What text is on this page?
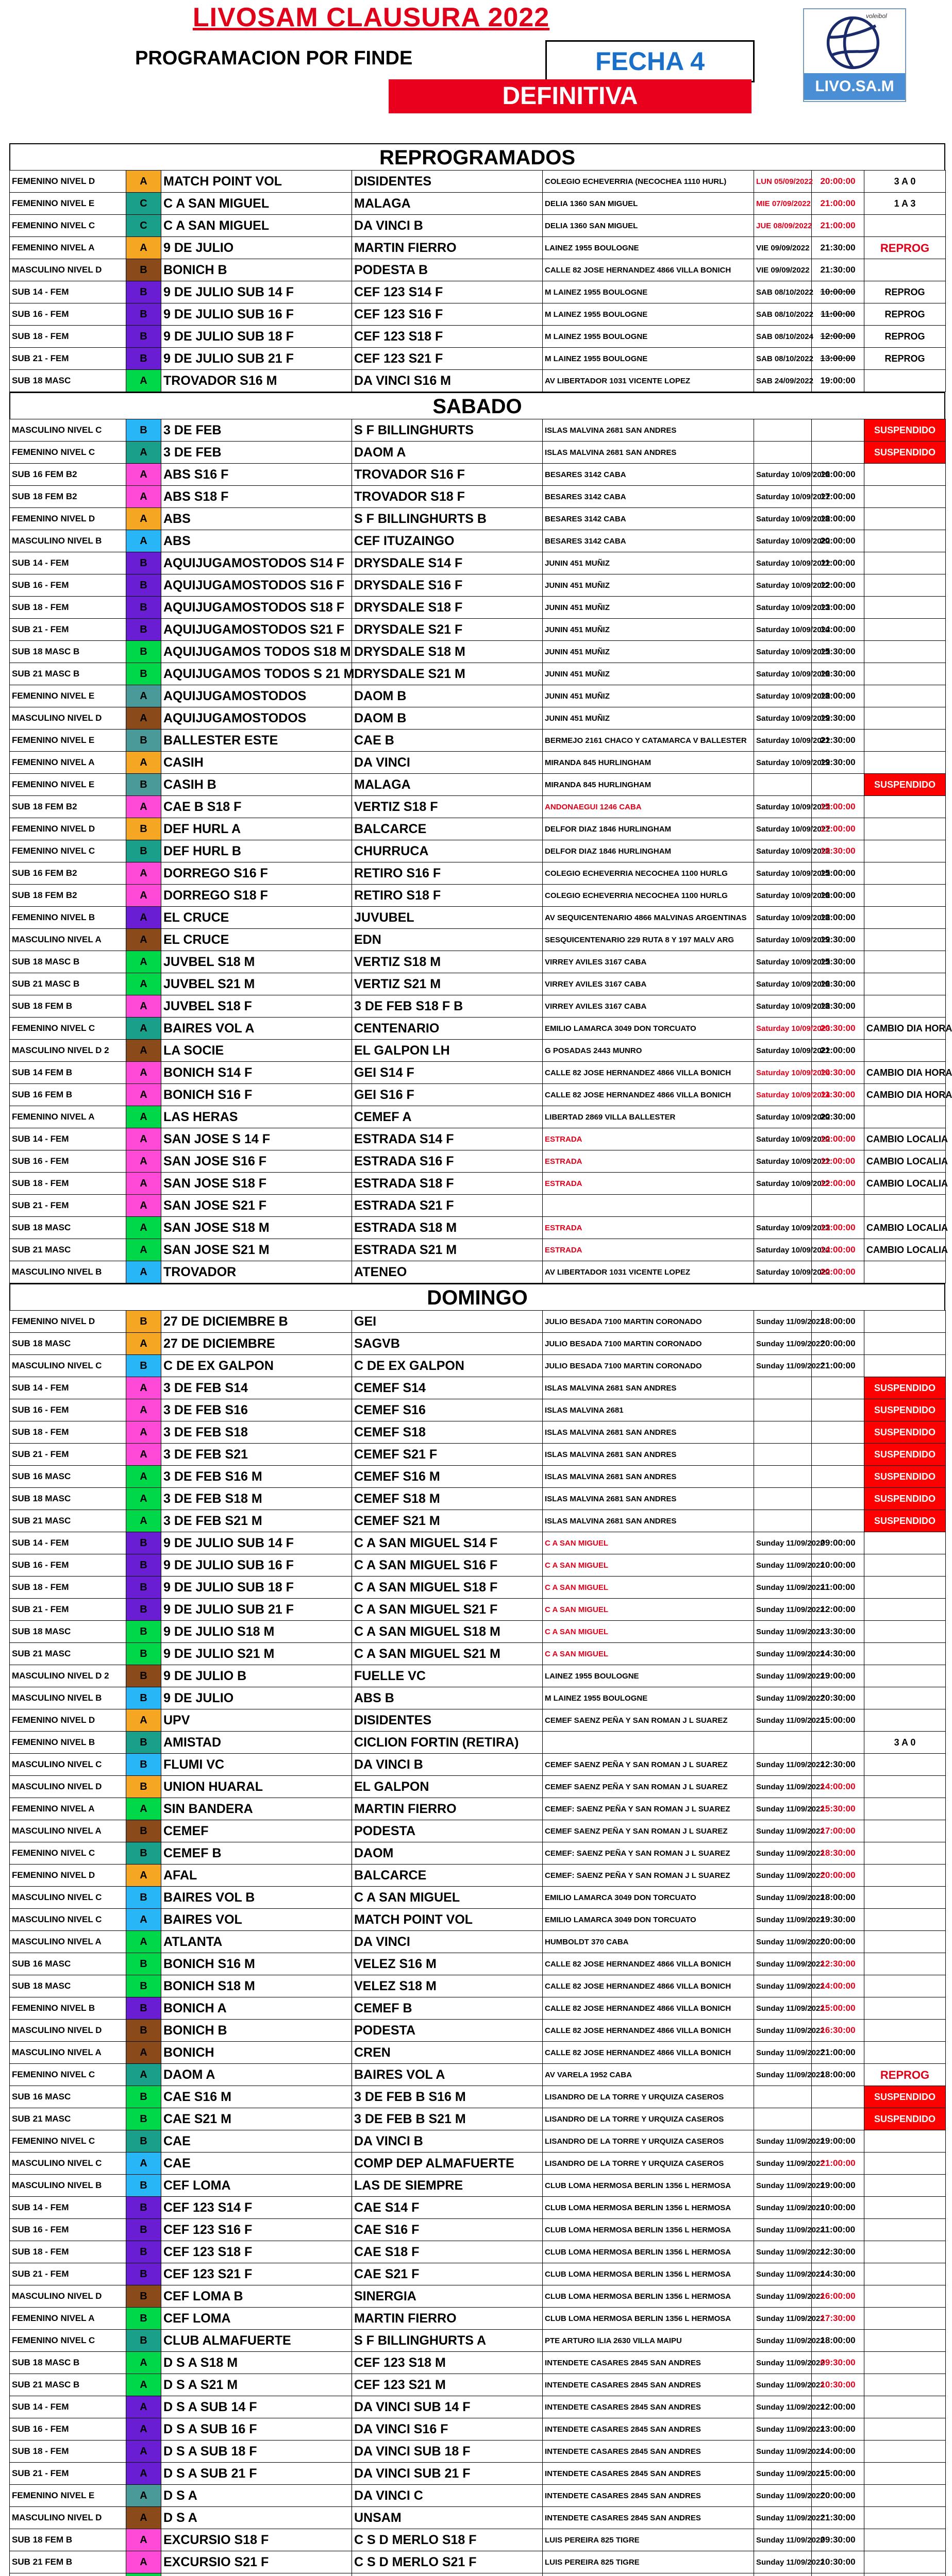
LIVOSAM CLAUSURA 2022
PROGRAMACION POR FINDE	FECHA 4
DEFINITIVA
voleibol
LIVO.SA.M
REPROGRAMADOS
FEMENINO NIVEL D	A	MATCH POINT VOL	DISIDENTES	COLEGIO ECHEVERRIA (NECOCHEA 1110 HURL)	LUN 05/09/2022	20:00:00	3 A 0
FEMENINO NIVEL E	C	C A SAN MIGUEL	MALAGA	DELIA 1360 SAN MIGUEL	MIE 07/09/2022	21:00:00	1 A 3
FEMENINO NIVEL C	C	C A SAN MIGUEL	DA VINCI B	DELIA 1360 SAN MIGUEL	JUE 08/09/2022	21:00:00	
FEMENINO NIVEL A	A	9 DE JULIO	MARTIN FIERRO	LAINEZ 1955 BOULOGNE	VIE 09/09/2022	21:30:00	REPROG
MASCULINO NIVEL D	B	BONICH B	PODESTA B	CALLE 82 JOSE HERNANDEZ 4866 VILLA BONICH	VIE 09/09/2022	21:30:00	
SUB 14 - FEM	B	9 DE JULIO SUB 14 F	CEF 123 S14 F	M LAINEZ 1955 BOULOGNE	SAB 08/10/2022	10:00:00	REPROG
SUB 16 - FEM	B	9 DE JULIO SUB 16 F	CEF 123 S16 F	M LAINEZ 1955 BOULOGNE	SAB 08/10/2022	11:00:00	REPROG
SUB 18 - FEM	B	9 DE JULIO SUB 18 F	CEF 123 S18 F	M LAINEZ 1955 BOULOGNE	SAB 08/10/2024	12:00:00	REPROG
SUB 21 - FEM	B	9 DE JULIO SUB 21 F	CEF 123 S21 F	M LAINEZ 1955 BOULOGNE	SAB 08/10/2022	13:00:00	REPROG
SUB 18 MASC	A	TROVADOR S16 M	DA VINCI S16 M	AV LIBERTADOR 1031 VICENTE LOPEZ	SAB 24/09/2022	19:00:00	
SABADO
MASCULINO NIVEL C	B	3 DE FEB	S F BILLINGHURTS	ISLAS MALVINA 2681 SAN ANDRES			SUSPENDIDO
FEMENINO NIVEL C	A	3 DE FEB	DAOM A	ISLAS MALVINA 2681 SAN ANDRES			SUSPENDIDO
SUB 16 FEM B2	A	ABS S16 F	TROVADOR S16 F	BESARES 3142 CABA	Saturday 10/09/2022	16:00:00	
SUB 18 FEM B2	A	ABS S18 F	TROVADOR S18 F	BESARES 3142 CABA	Saturday 10/09/2022	17:00:00	
FEMENINO NIVEL D	A	ABS	S F BILLINGHURTS B	BESARES 3142 CABA	Saturday 10/09/2022	18:00:00	
MASCULINO NIVEL B	A	ABS	CEF ITUZAINGO	BESARES 3142 CABA	Saturday 10/09/2022	20:00:00	
SUB 14 - FEM	B	AQUIJUGAMOSTODOS S14 F	DRYSDALE S14 F	JUNIN 451 MUÑIZ	Saturday 10/09/2022	11:00:00	
SUB 16 - FEM	B	AQUIJUGAMOSTODOS S16 F	DRYSDALE S16 F	JUNIN 451 MUÑIZ	Saturday 10/09/2022	12:00:00	
SUB 18 - FEM	B	AQUIJUGAMOSTODOS S18 F	DRYSDALE S18 F	JUNIN 451 MUÑIZ	Saturday 10/09/2022	13:00:00	
SUB 21 - FEM	B	AQUIJUGAMOSTODOS S21 F	DRYSDALE S21 F	JUNIN 451 MUÑIZ	Saturday 10/09/2022	14:00:00	
SUB 18 MASC B	B	AQUIJUGAMOS TODOS S18 M	DRYSDALE S18 M	JUNIN 451 MUÑIZ	Saturday 10/09/2022	15:30:00	
SUB 21 MASC B	B	AQUIJUGAMOS TODOS S 21 M	DRYSDALE S21 M	JUNIN 451 MUÑIZ	Saturday 10/09/2022	16:30:00	
FEMENINO NIVEL E	A	AQUIJUGAMOSTODOS	DAOM B	JUNIN 451 MUÑIZ	Saturday 10/09/2022	18:00:00	
MASCULINO NIVEL D	A	AQUIJUGAMOSTODOS	DAOM B	JUNIN 451 MUÑIZ	Saturday 10/09/2022	19:30:00	
FEMENINO NIVEL E	B	BALLESTER ESTE	CAE B	BERMEJO 2161 CHACO Y CATAMARCA V BALLESTER	Saturday 10/09/2022	21:30:00	
FEMENINO NIVEL A	A	CASIH	DA VINCI	MIRANDA 845 HURLINGHAM	Saturday 10/09/2022	19:30:00	
FEMENINO NIVEL E	B	CASIH B	MALAGA	MIRANDA 845 HURLINGHAM			SUSPENDIDO
SUB 18 FEM B2	A	CAE B S18 F	VERTIZ S18 F	ANDONAEGUI 1246 CABA	Saturday 10/09/2022	15:00:00	
FEMENINO NIVEL D	B	DEF HURL A	BALCARCE	DELFOR DIAZ 1846 HURLINGHAM	Saturday 10/09/2022	17:00:00	
FEMENINO NIVEL C	B	DEF HURL B	CHURRUCA	DELFOR DIAZ 1846 HURLINGHAM	Saturday 10/09/2022	18:30:00	
SUB 16 FEM B2	A	DORREGO S16 F	RETIRO S16 F	COLEGIO ECHEVERRIA NECOCHEA 1100 HURLG	Saturday 10/09/2022	15:00:00	
SUB 18 FEM B2	A	DORREGO S18 F	RETIRO S18 F	COLEGIO ECHEVERRIA NECOCHEA 1100 HURLG	Saturday 10/09/2022	16:00:00	
FEMENINO NIVEL B	A	EL CRUCE	JUVUBEL	AV SEQUICENTENARIO 4866 MALVINAS ARGENTINAS	Saturday 10/09/2022	18:00:00	
MASCULINO NIVEL A	A	EL CRUCE	EDN	SESQUICENTENARIO 229 RUTA 8 Y 197 MALV ARG	Saturday 10/09/2022	19:30:00	
SUB 18 MASC B	A	JUVBEL S18 M	VERTIZ S18 M	VIRREY AVILES 3167 CABA	Saturday 10/09/2022	15:30:00	
SUB 21 MASC B	A	JUVBEL S21 M	VERTIZ S21 M	VIRREY AVILES 3167 CABA	Saturday 10/09/2022	16:30:00	
SUB 18 FEM B	A	JUVBEL S18 F	3 DE FEB S18 F B	VIRREY AVILES 3167 CABA	Saturday 10/09/2022	18:30:00	
FEMENINO NIVEL C	A	BAIRES VOL A	CENTENARIO	EMILIO LAMARCA 3049 DON TORCUATO	Saturday 10/09/2023	20:30:00	CAMBIO DIA HORA
MASCULINO NIVEL D 2	A	LA SOCIE	EL GALPON LH	G POSADAS 2443 MUNRO	Saturday 10/09/2022	21:00:00	
SUB 14 FEM B	A	BONICH S14 F	GEI S14 F	CALLE 82 JOSE HERNANDEZ 4866 VILLA BONICH	Saturday 10/09/2024	10:30:00	CAMBIO DIA HORA
SUB 16 FEM B	A	BONICH S16 F	GEI S16 F	CALLE 82 JOSE HERNANDEZ 4866 VILLA BONICH	Saturday 10/09/2024	11:30:00	CAMBIO DIA HORA
FEMENINO NIVEL A	A	LAS HERAS	CEMEF A	LIBERTAD 2869 VILLA BALLESTER	Saturday 10/09/2022	20:30:00	
SUB 14 - FEM	A	SAN JOSE S 14 F	ESTRADA S14 F	ESTRADA	Saturday 10/09/2022	10:00:00	CAMBIO LOCALIA
SUB 16 - FEM	A	SAN JOSE S16 F	ESTRADA S16 F	ESTRADA	Saturday 10/09/2022	11:00:00	CAMBIO LOCALIA
SUB 18 - FEM	A	SAN JOSE S18 F	ESTRADA S18 F	ESTRADA	Saturday 10/09/2022	12:00:00	CAMBIO LOCALIA
SUB 21 - FEM	A	SAN JOSE S21 F	ESTRADA S21 F				
SUB 18 MASC	A	SAN JOSE S18 M	ESTRADA S18 M	ESTRADA	Saturday 10/09/2022	13:00:00	CAMBIO LOCALIA
SUB 21 MASC	A	SAN JOSE S21 M	ESTRADA S21 M	ESTRADA	Saturday 10/09/2022	14:00:00	CAMBIO LOCALIA
MASCULINO NIVEL B	A	TROVADOR	ATENEO	AV LIBERTADOR 1031 VICENTE LOPEZ	Saturday 10/09/2022	20:00:00	
DOMINGO
FEMENINO NIVEL D	B	27 DE DICIEMBRE B	GEI	JULIO BESADA 7100 MARTIN CORONADO	Sunday 11/09/2022	18:00:00	
SUB 18 MASC	A	27 DE DICIEMBRE	SAGVB	JULIO BESADA 7100 MARTIN CORONADO	Sunday 11/09/2022	20:00:00	
MASCULINO NIVEL C	B	C DE EX GALPON	C DE EX GALPON	JULIO BESADA 7100 MARTIN CORONADO	Sunday 11/09/2022	21:00:00	
SUB 14 - FEM	A	3 DE FEB S14	CEMEF S14	ISLAS MALVINA 2681 SAN ANDRES			SUSPENDIDO
SUB 16 - FEM	A	3 DE FEB S16	CEMEF S16	ISLAS MALVINA 2681			SUSPENDIDO
SUB 18 - FEM	A	3 DE FEB S18	CEMEF S18	ISLAS MALVINA 2681 SAN ANDRES			SUSPENDIDO
SUB 21 - FEM	A	3 DE FEB S21	CEMEF S21 F	ISLAS MALVINA 2681 SAN ANDRES			SUSPENDIDO
SUB 16 MASC	A	3 DE FEB S16 M	CEMEF S16 M	ISLAS MALVINA 2681 SAN ANDRES			SUSPENDIDO
SUB 18 MASC	A	3 DE FEB S18 M	CEMEF S18 M	ISLAS MALVINA 2681 SAN ANDRES			SUSPENDIDO
SUB 21 MASC	A	3 DE FEB S21 M	CEMEF S21 M	ISLAS MALVINA 2681 SAN ANDRES			SUSPENDIDO
SUB 14 - FEM	B	9 DE JULIO SUB 14 F	C A SAN MIGUEL S14 F	C A SAN MIGUEL	Sunday 11/09/2022	09:00:00	
SUB 16 - FEM	B	9 DE JULIO SUB 16 F	C A SAN MIGUEL S16 F	C A SAN MIGUEL	Sunday 11/09/2022	10:00:00	
SUB 18 - FEM	B	9 DE JULIO SUB 18 F	C A SAN MIGUEL S18 F	C A SAN MIGUEL	Sunday 11/09/2022	11:00:00	
SUB 21 - FEM	B	9 DE JULIO SUB 21 F	C A SAN MIGUEL S21 F	C A SAN MIGUEL	Sunday 11/09/2022	12:00:00	
SUB 18 MASC	B	9 DE JULIO S18 M	C A SAN MIGUEL S18 M	C A SAN MIGUEL	Sunday 11/09/2022	13:30:00	
SUB 21 MASC	B	9 DE JULIO S21 M	C A SAN MIGUEL S21 M	C A SAN MIGUEL	Sunday 11/09/2022	14:30:00	
MASCULINO NIVEL D 2	B	9 DE JULIO B	FUELLE VC	LAINEZ 1955 BOULOGNE	Sunday 11/09/2022	19:00:00	
MASCULINO NIVEL B	B	9 DE JULIO	ABS B	M LAINEZ 1955 BOULOGNE	Sunday 11/09/2022	20:30:00	
FEMENINO NIVEL D	A	UPV	DISIDENTES	CEMEF SAENZ PEÑA Y SAN ROMAN J L SUAREZ	Sunday 11/09/2022	15:00:00	
FEMENINO NIVEL B	B	AMISTAD	CICLION FORTIN (RETIRA)				3 A 0
MASCULINO NIVEL C	B	FLUMI VC	DA VINCI B	CEMEF SAENZ PEÑA Y SAN ROMAN J L SUAREZ	Sunday 11/09/2022	12:30:00	
MASCULINO NIVEL D	B	UNION HUARAL	EL GALPON	CEMEF SAENZ PEÑA Y SAN ROMAN J L SUAREZ	Sunday 11/09/2022	14:00:00	
FEMENINO NIVEL A	A	SIN BANDERA	MARTIN FIERRO	CEMEF: SAENZ PEÑA Y SAN ROMAN J L SUAREZ	Sunday 11/09/2022	15:30:00	
MASCULINO NIVEL A	B	CEMEF	PODESTA	CEMEF SAENZ PEÑA Y SAN ROMAN J L SUAREZ	Sunday 11/09/2022	17:00:00	
FEMENINO NIVEL C	B	CEMEF B	DAOM	CEMEF: SAENZ PEÑA Y SAN ROMAN J L SUAREZ	Sunday 11/09/2022	18:30:00	
FEMENINO NIVEL D	A	AFAL	BALCARCE	CEMEF: SAENZ PEÑA Y SAN ROMAN J L SUAREZ	Sunday 11/09/2022	20:00:00	
MASCULINO NIVEL C	B	BAIRES VOL B	C A SAN MIGUEL	EMILIO LAMARCA 3049 DON TORCUATO	Sunday 11/09/2022	18:00:00	
MASCULINO NIVEL C	A	BAIRES VOL	MATCH POINT VOL	EMILIO LAMARCA 3049 DON TORCUATO	Sunday 11/09/2022	19:30:00	
MASCULINO NIVEL A	A	ATLANTA	DA VINCI	HUMBOLDT 370 CABA	Sunday 11/09/2022	20:00:00	
SUB 16 MASC	B	BONICH S16 M	VELEZ S16 M	CALLE 82 JOSE HERNANDEZ 4866 VILLA BONICH	Sunday 11/09/2022	12:30:00	
SUB 18 MASC	B	BONICH S18 M	VELEZ S18 M	CALLE 82 JOSE HERNANDEZ 4866 VILLA BONICH	Sunday 11/09/2022	14:00:00	
FEMENINO NIVEL B	B	BONICH A	CEMEF B	CALLE 82 JOSE HERNANDEZ 4866 VILLA BONICH	Sunday 11/09/2022	15:00:00	
MASCULINO NIVEL D	B	BONICH B	PODESTA	CALLE 82 JOSE HERNANDEZ 4866 VILLA BONICH	Sunday 11/09/2022	16:30:00	
MASCULINO NIVEL A	A	BONICH	CREN	CALLE 82 JOSE HERNANDEZ 4866 VILLA BONICH	Sunday 11/09/2022	21:00:00	
FEMENINO NIVEL C	A	DAOM A	BAIRES VOL A	AV VARELA 1952 CABA	Sunday 11/09/2022	18:00:00	REPROG
SUB 16 MASC	B	CAE S16 M	3 DE FEB B S16 M	LISANDRO DE LA TORRE Y URQUIZA CASEROS			SUSPENDIDO
SUB 21 MASC	B	CAE S21 M	3 DE FEB B S21 M	LISANDRO DE LA TORRE Y URQUIZA CASEROS			SUSPENDIDO
FEMENINO NIVEL C	B	CAE	DA VINCI B	LISANDRO DE LA TORRE Y URQUIZA CASEROS	Sunday 11/09/2022	19:00:00	
MASCULINO NIVEL C	A	CAE	COMP DEP ALMAFUERTE	LISANDRO DE LA TORRE Y URQUIZA CASEROS	Sunday 11/09/2022	21:00:00	
MASCULINO NIVEL B	B	CEF LOMA	LAS DE SIEMPRE	CLUB LOMA HERMOSA BERLIN 1356 L HERMOSA	Sunday 11/09/2022	19:00:00	
SUB 14 - FEM	B	CEF 123 S14 F	CAE S14 F	CLUB LOMA HERMOSA BERLIN 1356 L HERMOSA	Sunday 11/09/2022	10:00:00	
SUB 16 - FEM	B	CEF 123 S16 F	CAE S16 F	CLUB LOMA HERMOSA BERLIN 1356 L HERMOSA	Sunday 11/09/2022	11:00:00	
SUB 18 - FEM	B	CEF 123 S18 F	CAE S18 F	CLUB LOMA HERMOSA BERLIN 1356 L HERMOSA	Sunday 11/09/2022	12:30:00	
SUB 21 - FEM	B	CEF 123 S21 F	CAE S21 F	CLUB LOMA HERMOSA BERLIN 1356 L HERMOSA	Sunday 11/09/2022	14:30:00	
MASCULINO NIVEL D	B	CEF LOMA B	SINERGIA	CLUB LOMA HERMOSA BERLIN 1356 L HERMOSA	Sunday 11/09/2022	16:00:00	
FEMENINO NIVEL A	B	CEF LOMA	MARTIN FIERRO	CLUB LOMA HERMOSA BERLIN 1356 L HERMOSA	Sunday 11/09/2022	17:30:00	
FEMENINO NIVEL C	B	CLUB ALMAFUERTE	S F BILLINGHURTS A	PTE ARTURO ILIA 2630 VILLA MAIPU	Sunday 11/09/2022	18:00:00	
SUB 18 MASC B	A	D S A S18 M	CEF 123 S18 M	INTENDETE CASARES 2845 SAN ANDRES	Sunday 11/09/2022	09:30:00	
SUB 21 MASC B	A	D S A S21 M	CEF 123 S21 M	INTENDETE CASARES 2845 SAN ANDRES	Sunday 11/09/2022	10:30:00	
SUB 14 - FEM	A	D S A SUB 14 F	DA VINCI SUB 14 F	INTENDETE CASARES 2845 SAN ANDRES	Sunday 11/09/2022	12:00:00	
SUB 16 - FEM	A	D S A SUB 16 F	DA VINCI S16 F	INTENDETE CASARES 2845 SAN ANDRES	Sunday 11/09/2022	13:00:00	
SUB 18 - FEM	A	D S A SUB 18 F	DA VINCI SUB 18 F	INTENDETE CASARES 2845 SAN ANDRES	Sunday 11/09/2022	14:00:00	
SUB 21 - FEM	A	D S A SUB 21 F	DA VINCI SUB 21 F	INTENDETE CASARES 2845 SAN ANDRES	Sunday 11/09/2022	15:00:00	
FEMENINO NIVEL E	A	D S A	DA VINCI C	INTENDETE CASARES 2845 SAN ANDRES	Sunday 11/09/2022	20:00:00	
MASCULINO NIVEL D	A	D S A	UNSAM	INTENDETE CASARES 2845 SAN ANDRES	Sunday 11/09/2022	21:30:00	
SUB 18 FEM B	A	EXCURSIO S18 F	C S D MERLO S18 F	LUIS PEREIRA 825 TIGRE	Sunday 11/09/2022	09:30:00	
SUB 21 FEM B	A	EXCURSIO S21 F	C S D MERLO S21 F	LUIS PEREIRA 825 TIGRE	Sunday 11/09/2022	10:30:00	
